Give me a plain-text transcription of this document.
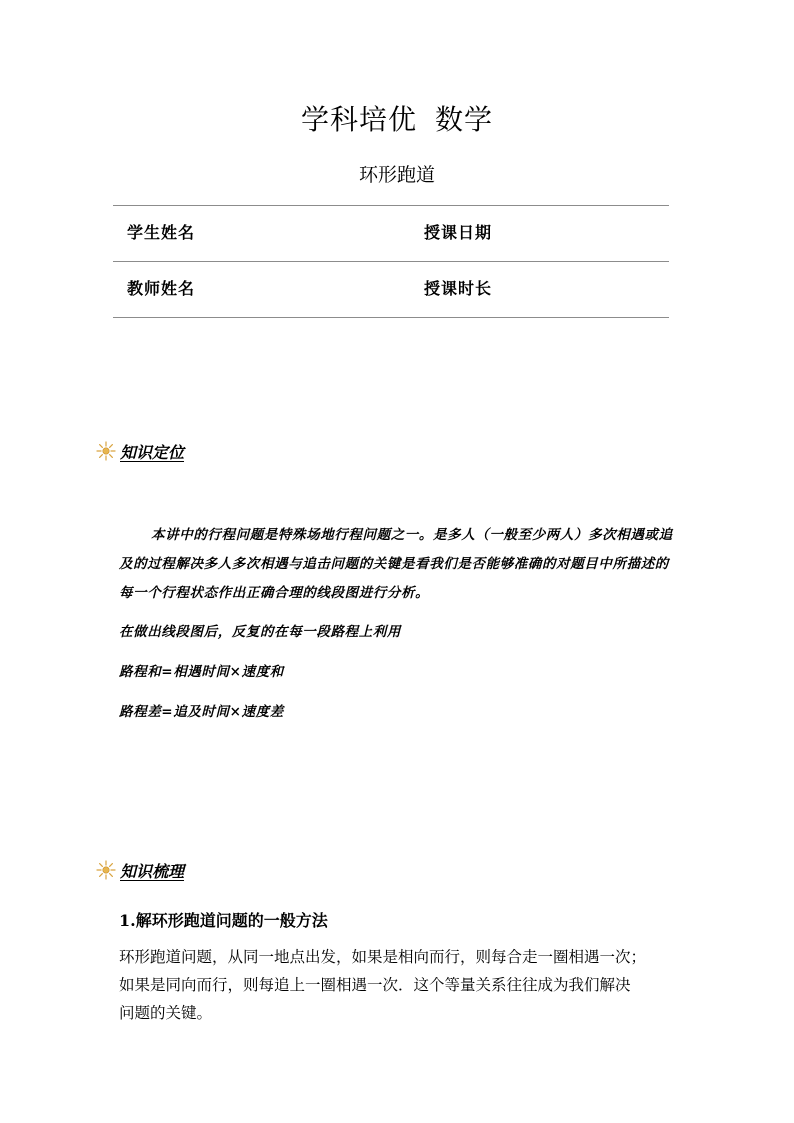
学科培优 数学
环形跑道
学生姓名	授课日期
教师姓名	授课时长
知识定位
本讲中的行程问题是特殊场地行程问题之一。是多人（一般至少两人）多次相遇或追及的过程解决多人多次相遇与追击问题的关键是看我们是否能够准确的对题目中所描述的每一个行程状态作出正确合理的线段图进行分析。
在做出线段图后，反复的在每一段路程上利用
路程和=相遇时间×速度和
路程差=追及时间×速度差
知识梳理
1.解环形跑道问题的一般方法
环形跑道问题，从同一地点出发，如果是相向而行，则每合走一圈相遇一次；
如果是同向而行，则每追上一圈相遇一次．这个等量关系往往成为我们解决
问题的关键。
